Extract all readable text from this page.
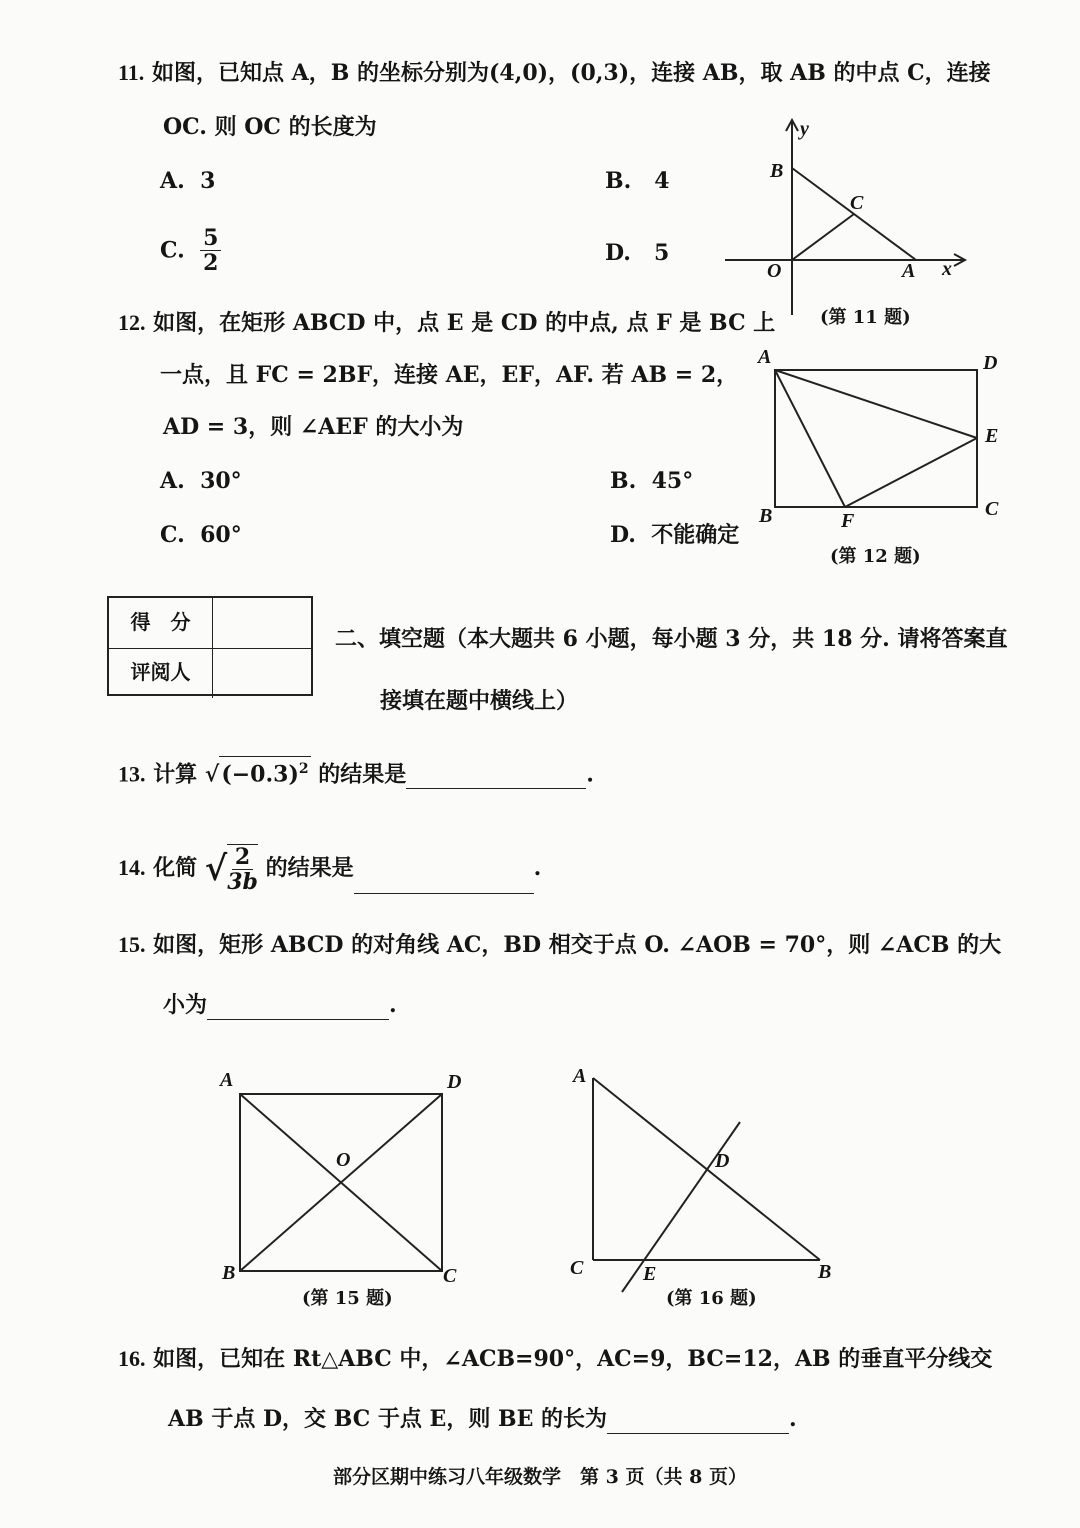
11. 如图，已知点 A，B 的坐标分别为(4,0)，(0,3)，连接 AB，取 AB 的中点 C，连接
OC. 则 OC 的长度为
A. 3	B. 4
C. $\frac{5}{2}$	D. 5
y
B
C
O	A x
(第 11 题)
12. 如图，在矩形 ABCD 中，点 E 是 CD 的中点, 点 F 是 BC 上
一点，且 FC = 2BF，连接 AE，EF，AF. 若 AB = 2，
AD = 3，则 ∠AEF 的大小为
A. 30°	B. 45°
C. 60°	D. 不能确定
A	D
E
B	F
C
(第 12 题)
得　分
评阅人
二、填空题（本大题共 6 小题，每小题 3 分，共 18 分. 请将答案直
接填在题中横线上）
13. 计算 $√(-0.3)^2$ 的结果是	.
14. 化简 √ $\frac{2}{3b}$ 的结果是	.
15. 如图，矩形 ABCD 的对角线 AC，BD 相交于点 O. ∠AOB = 70°，则 ∠ACB 的大
小为	.
A	D
O
B	C
(第 15 题)
A
D
C	E	B
(第 16 题)
16. 如图，已知在 Rt△ABC 中，∠ACB=90°，AC=9，BC=12，AB 的垂直平分线交
AB 于点 D，交 BC 于点 E，则 BE 的长为	.
部分区期中练习八年级数学　第 3 页（共 8 页）
